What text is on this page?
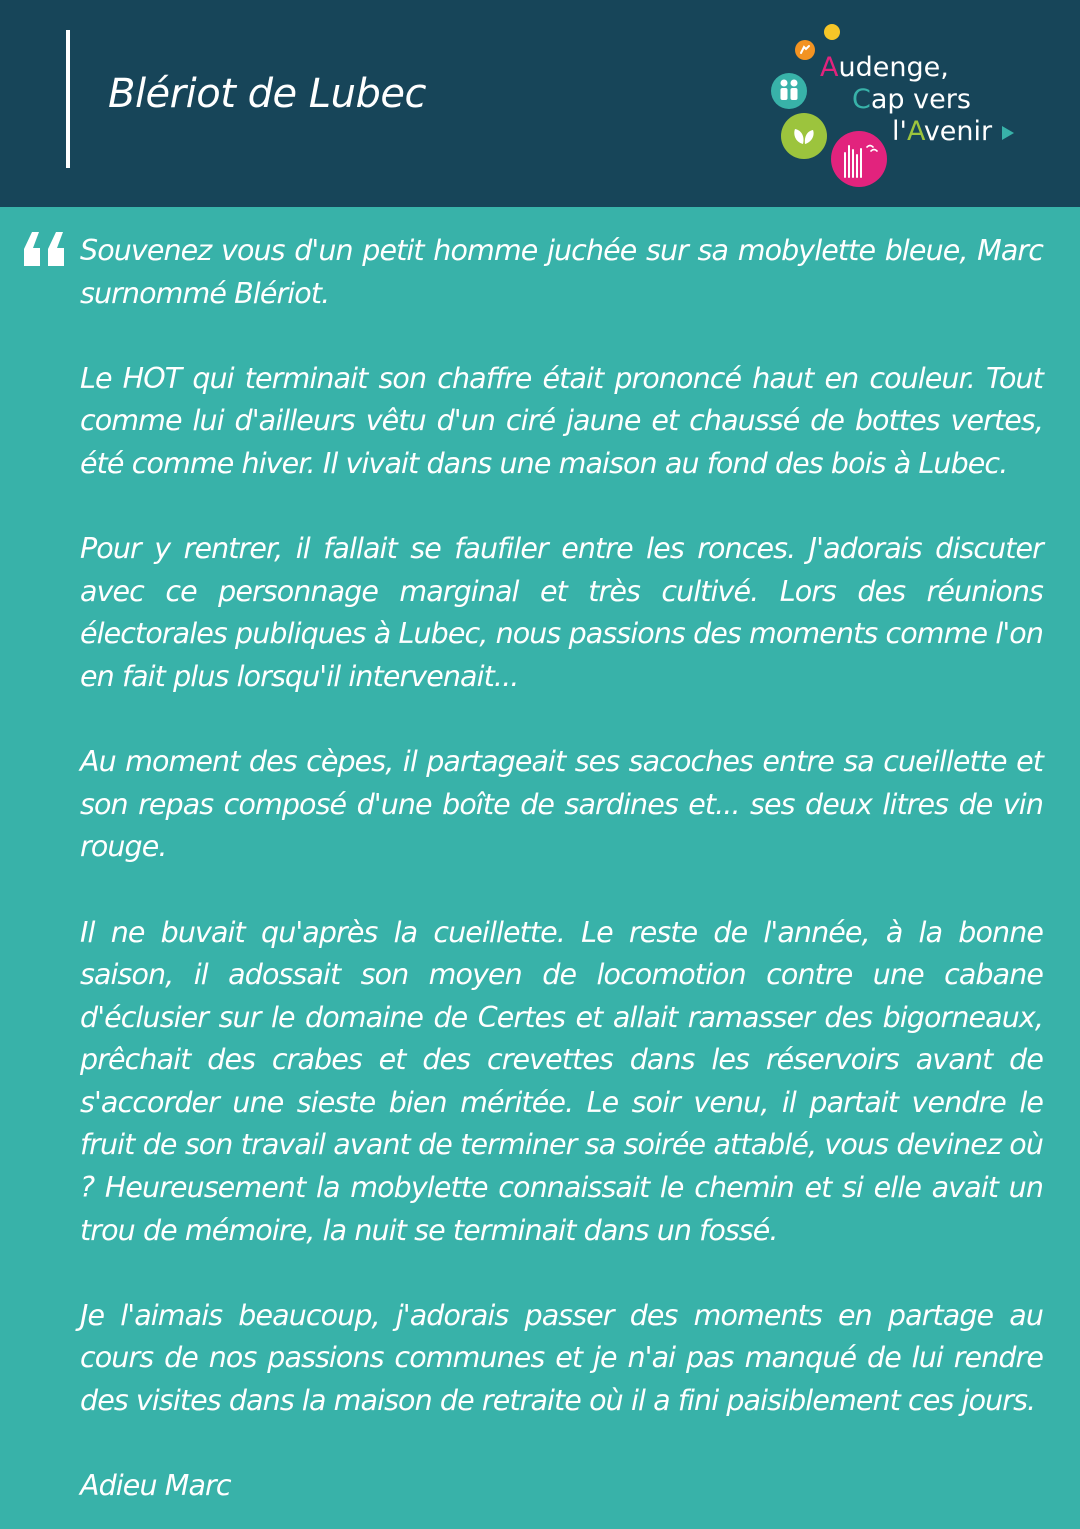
Blériot de Lubec
Audenge,
Cap vers
l'Avenir

Souvenez vous d'un petit homme juchée sur sa mobylette bleue, Marc surnommé Blériot.

Le HOT qui terminait son chaffre était prononcé haut en couleur. Tout comme lui d'ailleurs vêtu d'un ciré jaune et chaussé de bottes vertes, été comme hiver. Il vivait dans une maison au fond des bois à Lubec.

Pour y rentrer, il fallait se faufiler entre les ronces. J'adorais discuter avec ce personnage marginal et très cultivé. Lors des réunions électorales publiques à Lubec, nous passions des moments comme l'on en fait plus lorsqu'il intervenait...

Au moment des cèpes, il partageait ses sacoches entre sa cueillette et son repas composé d'une boîte de sardines et... ses deux litres de vin rouge.

Il ne buvait qu'après la cueillette. Le reste de l'année, à la bonne saison, il adossait son moyen de locomotion contre une cabane d'éclusier sur le domaine de Certes et allait ramasser des bigorneaux, prêchait des crabes et des crevettes dans les réservoirs avant de s'accorder une sieste bien méritée. Le soir venu, il partait vendre le fruit de son travail avant de terminer sa soirée attablé, vous devinez où ? Heureusement la mobylette connaissait le chemin et si elle avait un trou de mémoire, la nuit se terminait dans un fossé.

Je l'aimais beaucoup, j'adorais passer des moments en partage au cours de nos passions communes et je n'ai pas manqué de lui rendre des visites dans la maison de retraite où il a fini paisiblement ces jours.

Adieu Marc
